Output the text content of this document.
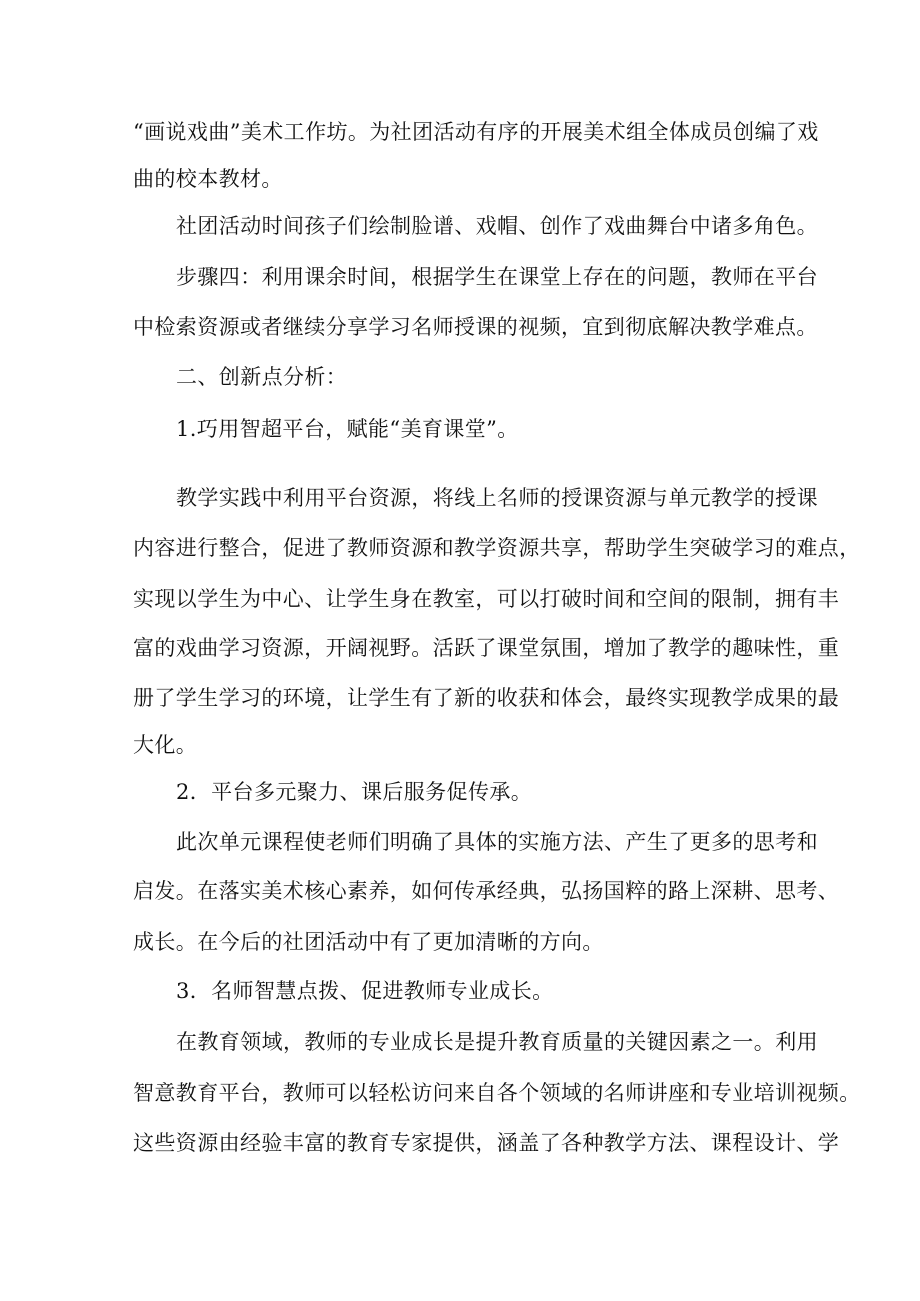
“画说戏曲”美术工作坊。为社团活动有序的开展美术组全体成员创编了戏
曲的校本教材。
社团活动时间孩子们绘制脸谱、戏帽、创作了戏曲舞台中诸多角色。
步骤四：利用课余时间，根据学生在课堂上存在的问题，教师在平台
中检索资源或者继续分享学习名师授课的视频，宜到彻底解决教学难点。
二、创新点分析：
1.巧用智超平台，赋能“美育课堂”。
教学实践中利用平台资源，将线上名师的授课资源与单元教学的授课
内容进行整合，促进了教师资源和教学资源共享，帮助学生突破学习的难点，
实现以学生为中心、让学生身在教室，可以打破时间和空间的限制，拥有丰
富的戏曲学习资源，开阔视野。活跃了课堂氛围，增加了教学的趣味性，重
册了学生学习的环境，让学生有了新的收获和体会，最终实现教学成果的最
大化。
2．平台多元聚力、课后服务促传承。
此次单元课程使老师们明确了具体的实施方法、产生了更多的思考和
启发。在落实美术核心素养，如何传承经典，弘扬国粹的路上深耕、思考、
成长。在今后的社团活动中有了更加清晰的方向。
3．名师智慧点拨、促进教师专业成长。
在教育领域，教师的专业成长是提升教育质量的关键因素之一。利用
智意教育平台，教师可以轻松访问来自各个领域的名师讲座和专业培训视频。
这些资源由经验丰富的教育专家提供，涵盖了各种教学方法、课程设计、学
